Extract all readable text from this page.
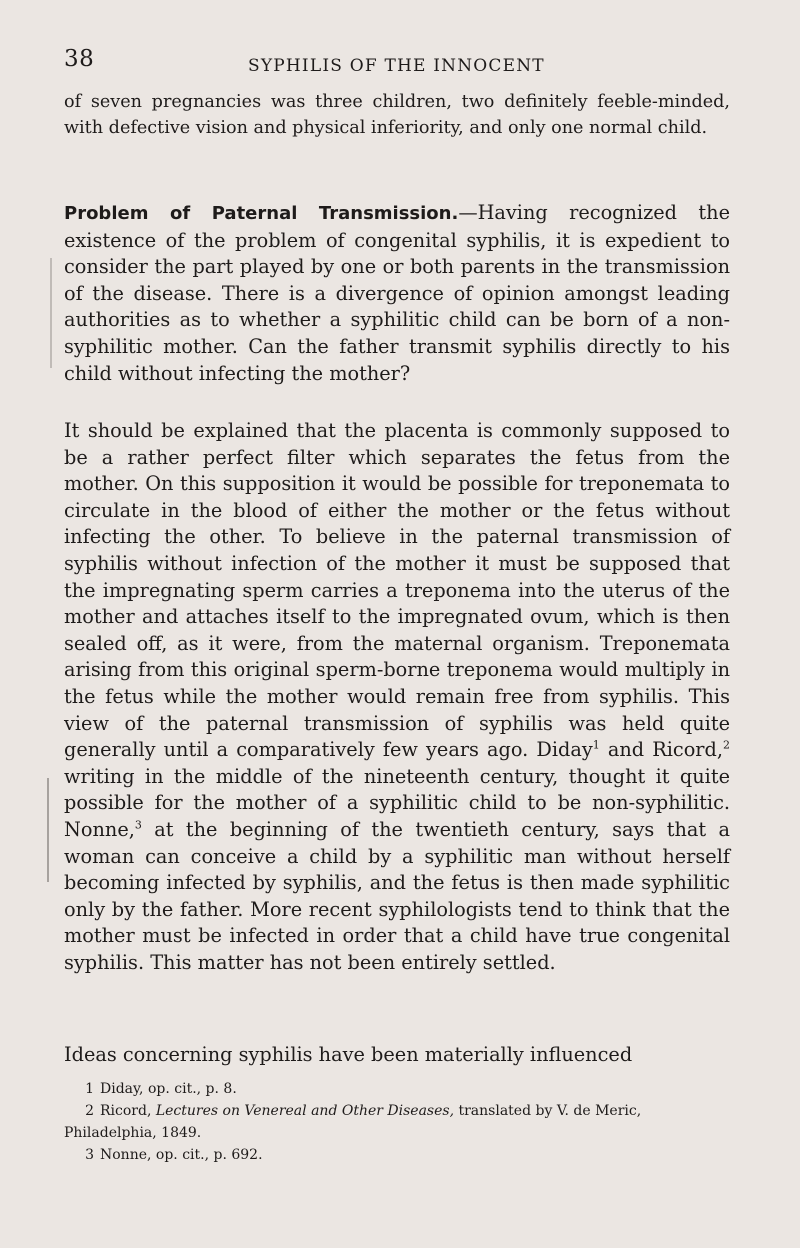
38	SYPHILIS OF THE INNOCENT

of seven pregnancies was three children, two definitely feeble-minded, with defective vision and physical inferiority, and only one normal child.

Problem of Paternal Transmission.—Having recognized the existence of the problem of congenital syphilis, it is expedient to consider the part played by one or both parents in the transmission of the disease. There is a divergence of opinion amongst leading authorities as to whether a syphilitic child can be born of a non-syphilitic mother. Can the father transmit syphilis directly to his child without infecting the mother?

It should be explained that the placenta is commonly supposed to be a rather perfect filter which separates the fetus from the mother. On this supposition it would be possible for treponemata to circulate in the blood of either the mother or the fetus without infecting the other. To believe in the paternal transmission of syphilis without infection of the mother it must be supposed that the impregnating sperm carries a treponema into the uterus of the mother and attaches itself to the impregnated ovum, which is then sealed off, as it were, from the maternal organism. Treponemata arising from this original sperm-borne treponema would multiply in the fetus while the mother would remain free from syphilis. This view of the paternal transmission of syphilis was held quite generally until a comparatively few years ago. Diday$^1$ and Ricord,$^2$ writing in the middle of the nineteenth century, thought it quite possible for the mother of a syphilitic child to be non-syphilitic. Nonne,$^3$ at the beginning of the twentieth century, says that a woman can conceive a child by a syphilitic man without herself becoming infected by syphilis, and the fetus is then made syphilitic only by the father. More recent syphilologists tend to think that the mother must be infected in order that a child have true congenital syphilis. This matter has not been entirely settled.

Ideas concerning syphilis have been materially influenced

1 Diday, op. cit., p. 8.

2 Ricord, Lectures on Venereal and Other Diseases, translated by V. de Meric, Philadelphia, 1849.

3 Nonne, op. cit., p. 692.
